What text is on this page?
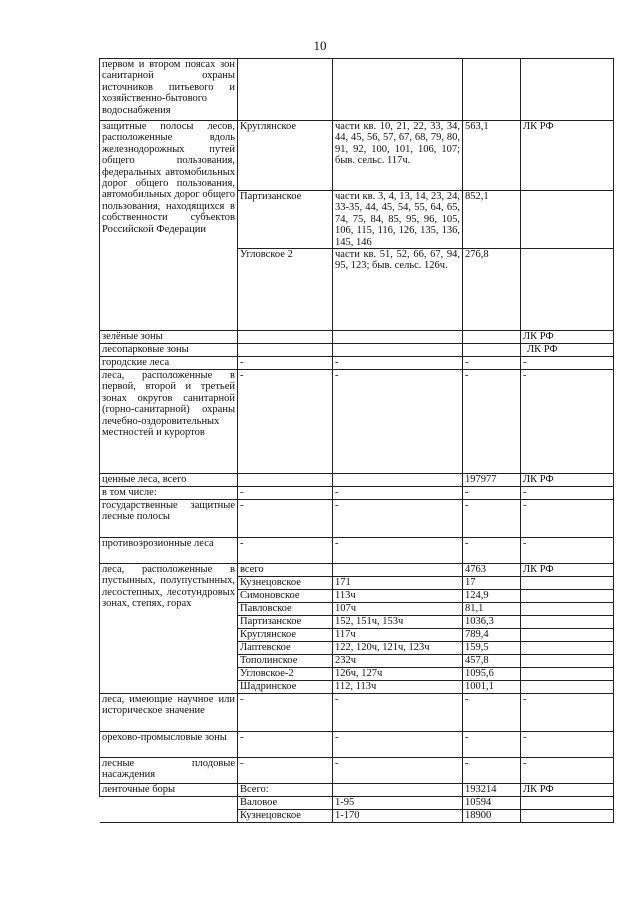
10
первом и втором поясах зон санитарной охраны источников питьевого и хозяйственно-бытового водоснабжения				
защитные полосы лесов, расположенные вдоль железнодорожных путей общего пользования, федеральных автомобильных дорог общего пользования, автомобильных дорог общего пользования, находящихся в собственности субъектов Российской Федерации	Круглянское	части кв. 10, 21, 22, 33, 34, 44, 45, 56, 57, 67, 68, 79, 80, 91, 92, 100, 101, 106, 107; быв. сельс. 117ч.	563,1	ЛК РФ
	Партизанское	части кв. 3, 4, 13, 14, 23, 24, 33-35, 44, 45, 54, 55, 64, 65, 74, 75, 84, 85, 95, 96, 105, 106, 115, 116, 126, 135, 136, 145, 146	852,1	
	Угловское 2	части кв. 51, 52, 66, 67, 94, 95, 123; быв. сельс. 126ч.	276,8	
зелёные зоны				ЛК РФ
лесопарковые зоны				ЛК РФ
городские леса	-	-	-	-
леса, расположенные в первой, второй и третьей зонах округов санитарной (горно-санитарной) охраны лечебно-оздоровительных местностей и курортов	-	-	-	-
ценные леса, всего			197977	ЛК РФ
в том числе:	-	-	-	-
государственные защитные лесные полосы	-	-	-	-
противоэрозионные леса	-	-	-	-
леса, расположенные в пустынных, полупустынных, лесостепных, лесотундровых зонах, степях, горах	всего		4763	ЛК РФ
	Кузнецовское	171	17	
	Симоновское	113ч	124,9	
	Павловское	107ч	81,1	
	Партизанское	152, 151ч, 153ч	1036,3	
	Круглянское	117ч	789,4	
	Лаптевское	122, 120ч, 121ч, 123ч	159,5	
	Тополинское	232ч	457,8	
	Угловское-2	126ч, 127ч	1095,6	
	Шадринское	112, 113ч	1001,1	
леса, имеющие научное или историческое значение	-	-	-	-
орехово-промысловые зоны	-	-	-	-
лесные плодовые насаждения	-	-	-	-
ленточные боры	Всего:		193214	ЛК РФ
	Валовое	1-95	10594	
	Кузнецовское	1-170	18900	
